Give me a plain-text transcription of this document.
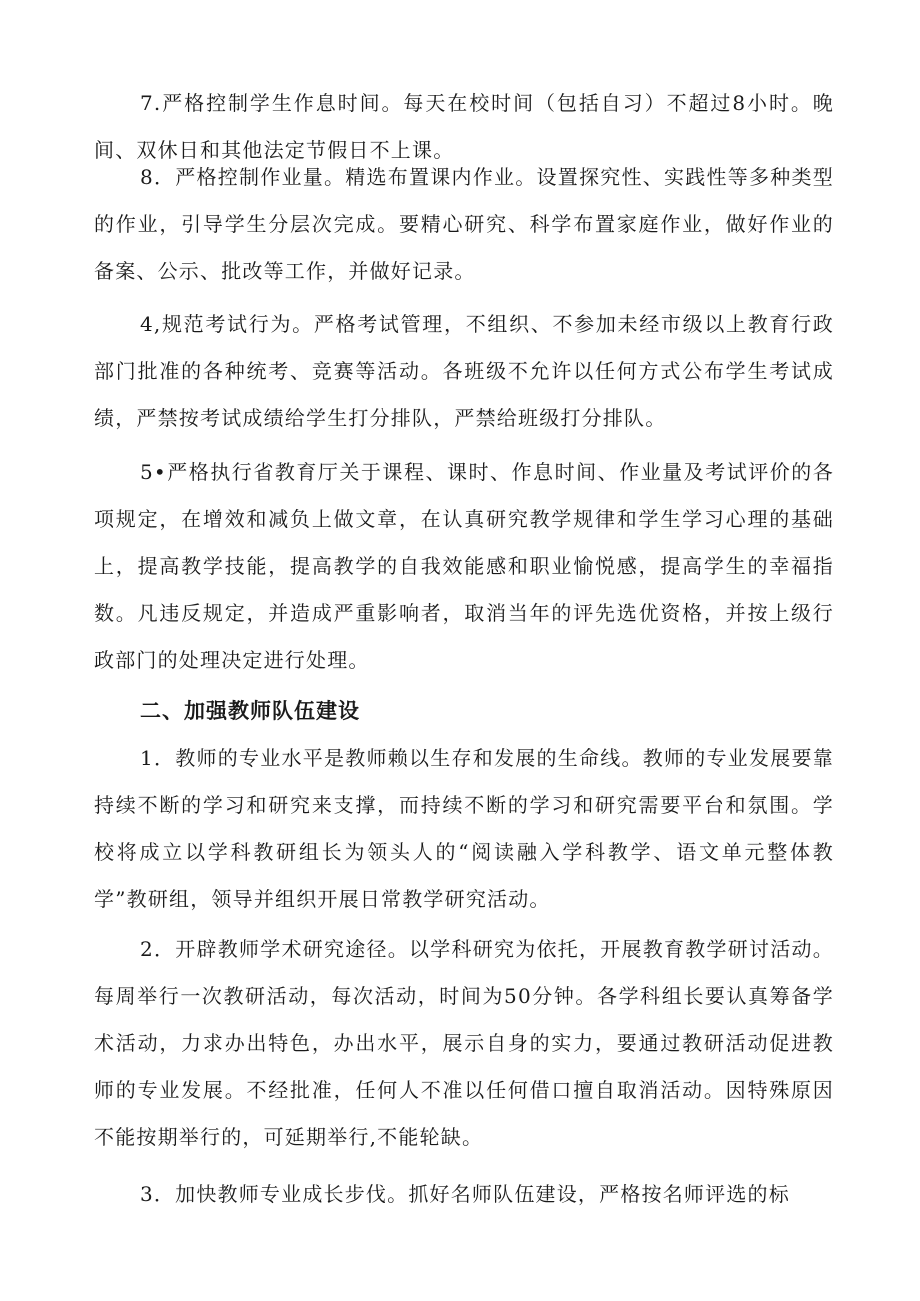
7.严格控制学生作息时间。每天在校时间（包括自习）不超过8小时。晚间、双休日和其他法定节假日不上课。

8．严格控制作业量。精选布置课内作业。设置探究性、实践性等多种类型的作业，引导学生分层次完成。要精心研究、科学布置家庭作业，做好作业的备案、公示、批改等工作，并做好记录。

4,规范考试行为。严格考试管理，不组织、不参加未经市级以上教育行政部门批准的各种统考、竞赛等活动。各班级不允许以任何方式公布学生考试成绩，严禁按考试成绩给学生打分排队，严禁给班级打分排队。

5•严格执行省教育厅关于课程、课时、作息时间、作业量及考试评价的各项规定，在增效和减负上做文章，在认真研究教学规律和学生学习心理的基础上，提高教学技能，提高教学的自我效能感和职业愉悦感，提高学生的幸福指数。凡违反规定，并造成严重影响者，取消当年的评先选优资格，并按上级行政部门的处理决定进行处理。

二、加强教师队伍建设

1．教师的专业水平是教师赖以生存和发展的生命线。教师的专业发展要靠持续不断的学习和研究来支撑，而持续不断的学习和研究需要平台和氛围。学校将成立以学科教研组长为领头人的“阅读融入学科教学、语文单元整体教学”教研组，领导并组织开展日常教学研究活动。

2．开辟教师学术研究途径。以学科研究为依托，开展教育教学研讨活动。每周举行一次教研活动，每次活动，时间为50分钟。各学科组长要认真筹备学术活动，力求办出特色，办出水平，展示自身的实力，要通过教研活动促进教师的专业发展。不经批准，任何人不准以任何借口擅自取消活动。因特殊原因不能按期举行的，可延期举行,不能轮缺。

3．加快教师专业成长步伐。抓好名师队伍建设，严格按名师评选的标
